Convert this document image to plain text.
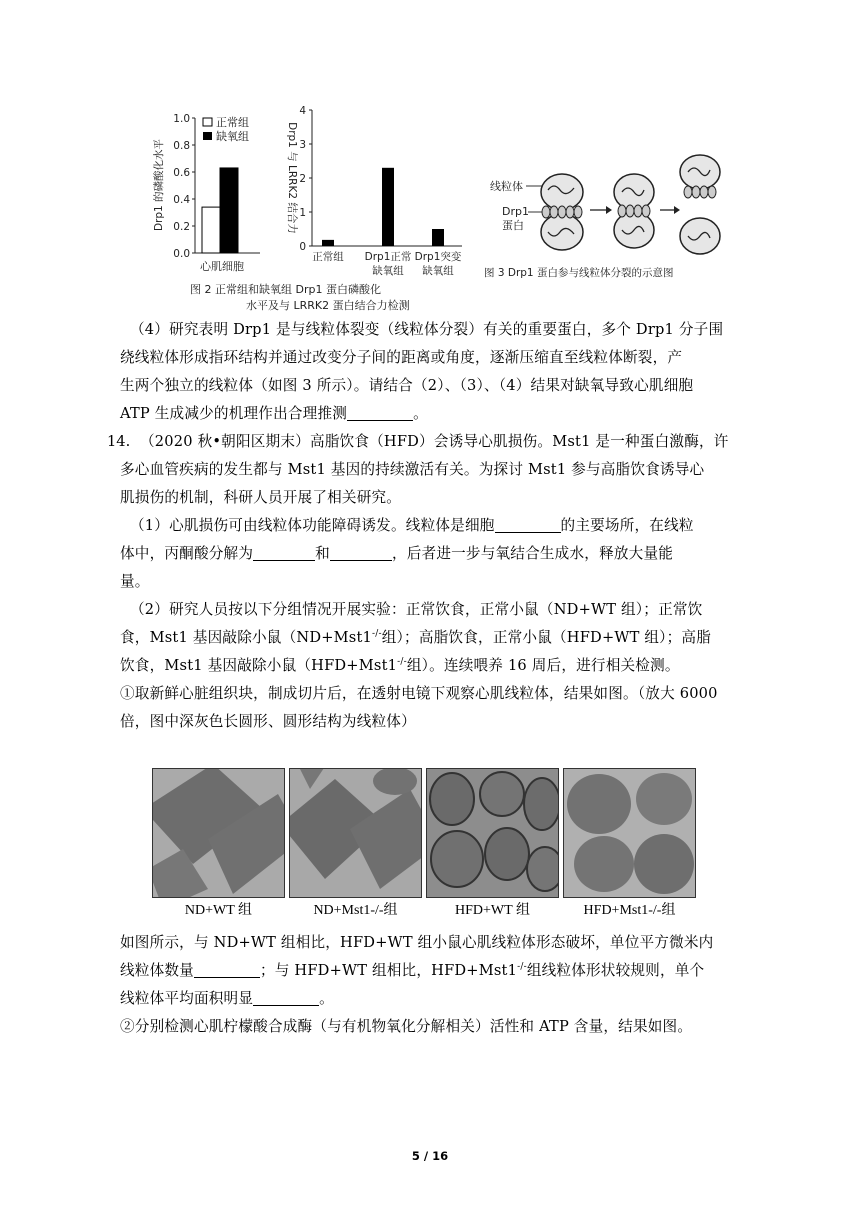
0.0
0.2
0.4
0.6
0.8
1.0 正常组
缺氧组
Drp1 的磷酸化水平
心肌细胞
0
1
2
3
4
正常组 Drp1正常
缺氧组
Drp1突变
缺氧组
Drp1 与 LRRK2 结合力
图 2 正常组和缺氧组 Drp1 蛋白磷酸化
水平及与 LRRK2 蛋白结合力检测
线粒体
Drp1
蛋白
图 3 Drp1 蛋白参与线粒体分裂的示意图
（4）研究表明 Drp1 是与线粒体裂变（线粒体分裂）有关的重要蛋白，多个 Drp1 分子围
绕线粒体形成指环结构并通过改变分子间的距离或角度，逐渐压缩直至线粒体断裂，产
生两个独立的线粒体（如图 3 所示）。请结合（2）、（3）、（4）结果对缺氧导致心肌细胞
ATP 生成减少的机理作出合理推测	。
14. （2020 秋•朝阳区期末）高脂饮食（HFD）会诱导心肌损伤。Mst1 是一种蛋白激酶，许
多心血管疾病的发生都与 Mst1 基因的持续激活有关。为探讨 Mst1 参与高脂饮食诱导心
肌损伤的机制，科研人员开展了相关研究。
（1）心肌损伤可由线粒体功能障碍诱发。线粒体是细胞	的主要场所，在线粒
体中，丙酮酸分解为	和	，后者进一步与氧结合生成水，释放大量能
量。
（2）研究人员按以下分组情况开展实验：正常饮食，正常小鼠（ND+WT 组）；正常饮
食，Mst1 基因敲除小鼠（ND+Mst1-/-组）；高脂饮食，正常小鼠（HFD+WT 组）；高脂
饮食，Mst1 基因敲除小鼠（HFD+Mst1-/-组）。连续喂养 16 周后，进行相关检测。
①取新鲜心脏组织块，制成切片后，在透射电镜下观察心肌线粒体，结果如图。（放大 6000
倍，图中深灰色长圆形、圆形结构为线粒体）
ND+WT 组	ND+Mst1-/-组	HFD+WT 组	HFD+Mst1-/-组
如图所示，与 ND+WT 组相比，HFD+WT 组小鼠心肌线粒体形态破坏，单位平方微米内
线粒体数量	；与 HFD+WT 组相比，HFD+Mst1-/-组线粒体形状较规则，单个
线粒体平均面积明显	。
②分别检测心肌柠檬酸合成酶（与有机物氧化分解相关）活性和 ATP 含量，结果如图。
5 / 16
